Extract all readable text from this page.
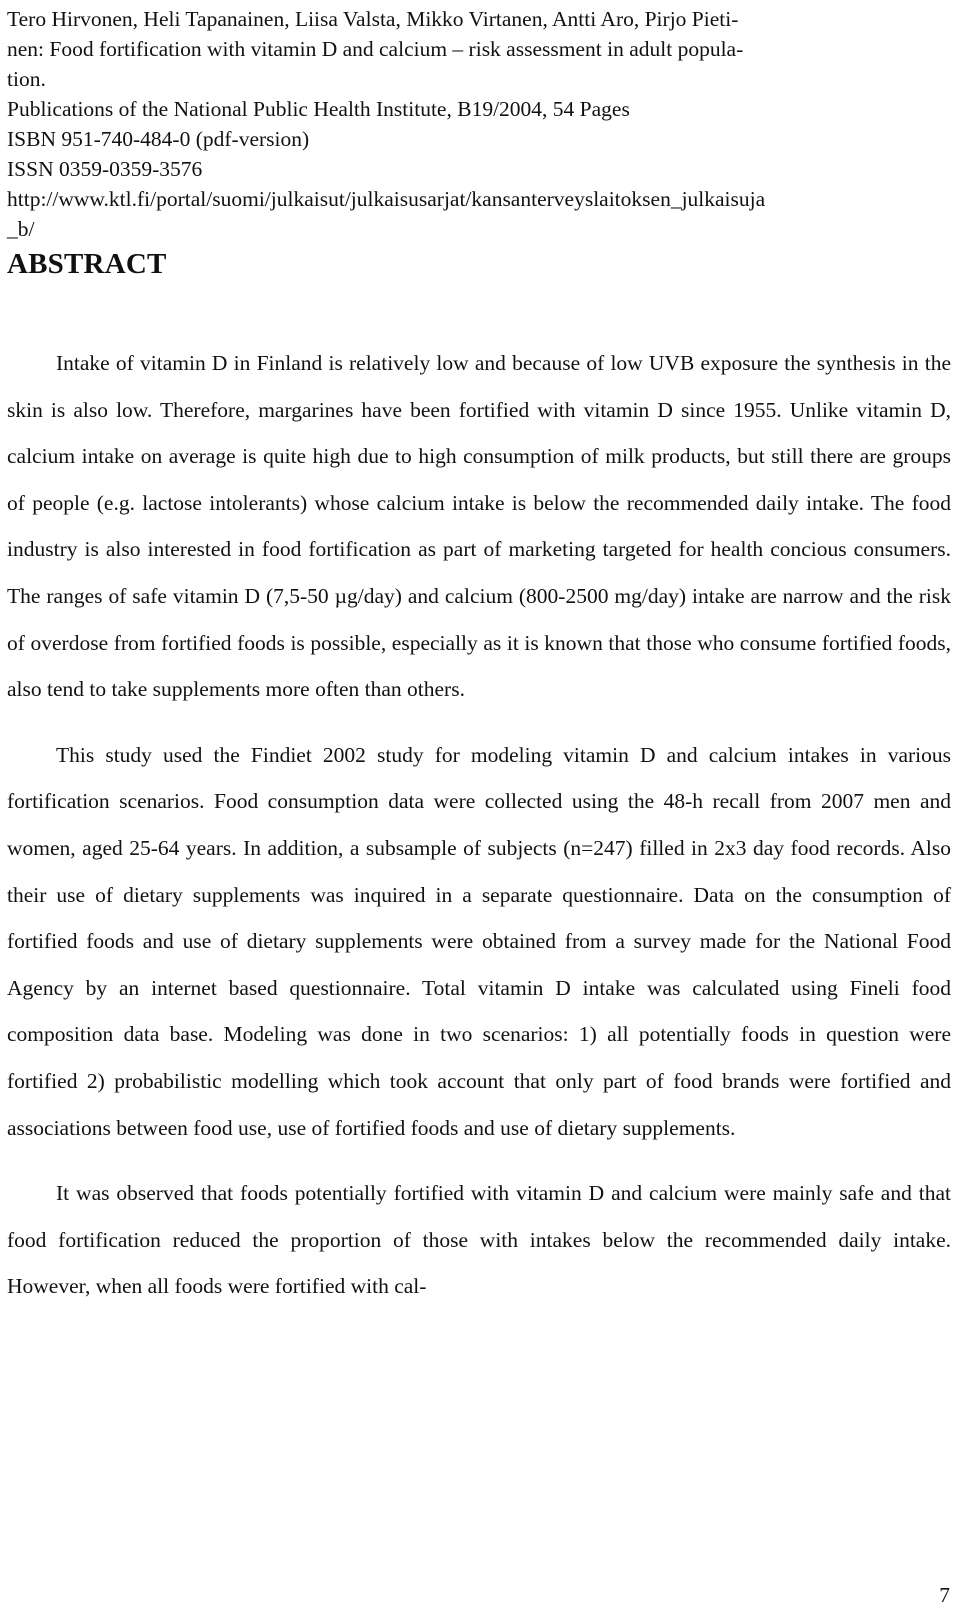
Tero Hirvonen, Heli Tapanainen, Liisa Valsta, Mikko Virtanen, Antti Aro, Pirjo Pieti-
nen: Food fortification with vitamin D and calcium – risk assessment in adult popula-
tion.
Publications of the National Public Health Institute, B19/2004, 54 Pages
ISBN 951-740-484-0 (pdf-version)
ISSN 0359-0359-3576
http://www.ktl.fi/portal/suomi/julkaisut/julkaisusarjat/kansanterveyslaitoksen_julkaisuja
_b/
ABSTRACT

Intake of vitamin D in Finland is relatively low and because of low UVB exposure the synthesis in the skin is also low. Therefore, margarines have been fortified with vitamin D since 1955. Unlike vitamin D, calcium intake on average is quite high due to high consumption of milk products, but still there are groups of people (e.g. lactose intolerants) whose calcium intake is below the recommended daily intake. The food industry is also interested in food fortification as part of marketing targeted for health concious consumers. The ranges of safe vitamin D (7,5-50 µg/day) and calcium (800-2500 mg/day) intake are narrow and the risk of overdose from fortified foods is possible, especially as it is known that those who consume fortified foods, also tend to take supplements more often than others.

This study used the Findiet 2002 study for modeling vitamin D and calcium intakes in various fortification scenarios. Food consumption data were collected using the 48-h recall from 2007 men and women, aged 25-64 years. In addition, a subsample of subjects (n=247) filled in 2x3 day food records. Also their use of dietary supplements was inquired in a separate questionnaire. Data on the consumption of fortified foods and use of dietary supplements were obtained from a survey made for the National Food Agency by an internet based questionnaire. Total vitamin D intake was calculated using Fineli food composition data base. Modeling was done in two scenarios: 1) all potentially foods in question were fortified 2) probabilistic modelling which took account that only part of food brands were fortified and associations between food use, use of fortified foods and use of dietary supplements.

It was observed that foods potentially fortified with vitamin D and calcium were mainly safe and that food fortification reduced the proportion of those with intakes below the recommended daily intake. However, when all foods were fortified with cal-

7
